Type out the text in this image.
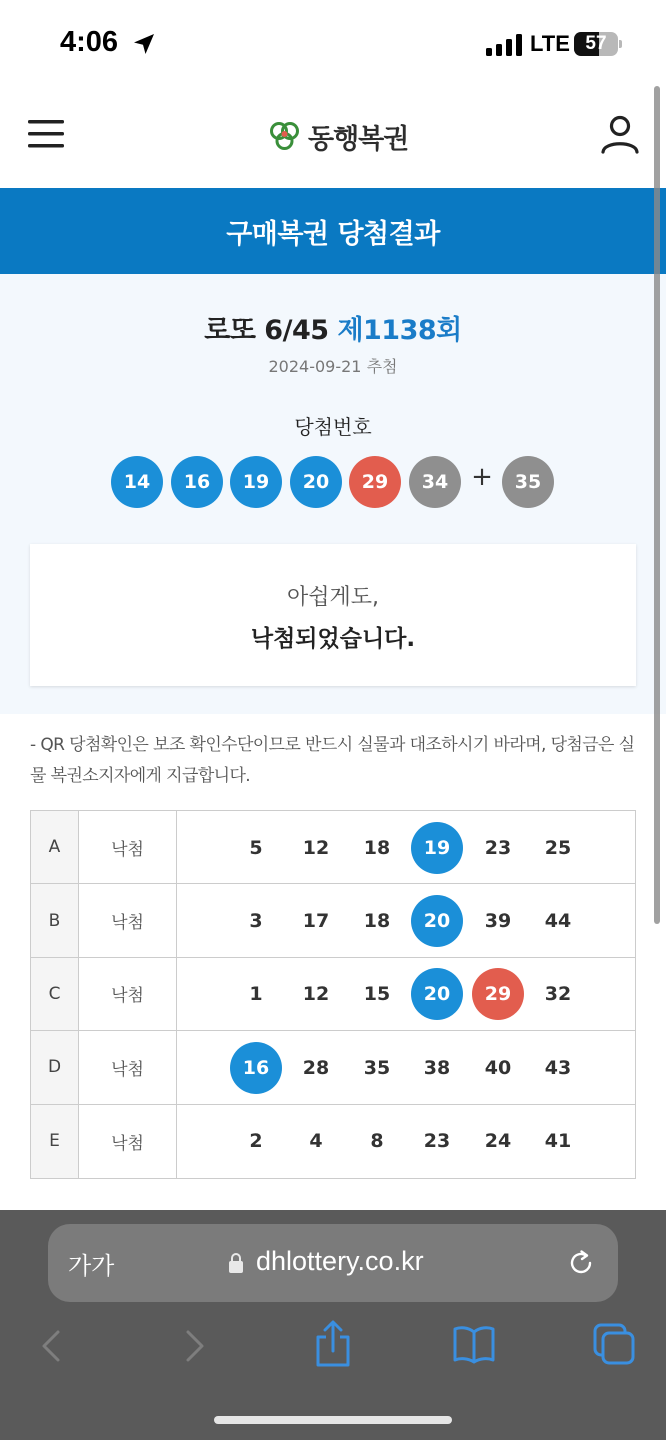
4:06	LTE 57
동행복권
구매복권 당첨결과
로또 6/45 제1138회
2024-09-21 추첨
당첨번호
14	16	19	20	29	34 +	35
아쉽게도,
낙첨되었습니다.
- QR 당첨확인은 보조 확인수단이므로 반드시 실물과 대조하시기 바라며, 당첨금은 실물 복권소지자에게 지급합니다.
A	낙첨	5	12	18	19	23	25
B	낙첨	3	17	18	20	39	44
C	낙첨	1	12	15	20	29	32
D	낙첨	16	28	35	38	40	43
E	낙첨	2	4	8	23	24	41
가가	dhlottery.co.kr
